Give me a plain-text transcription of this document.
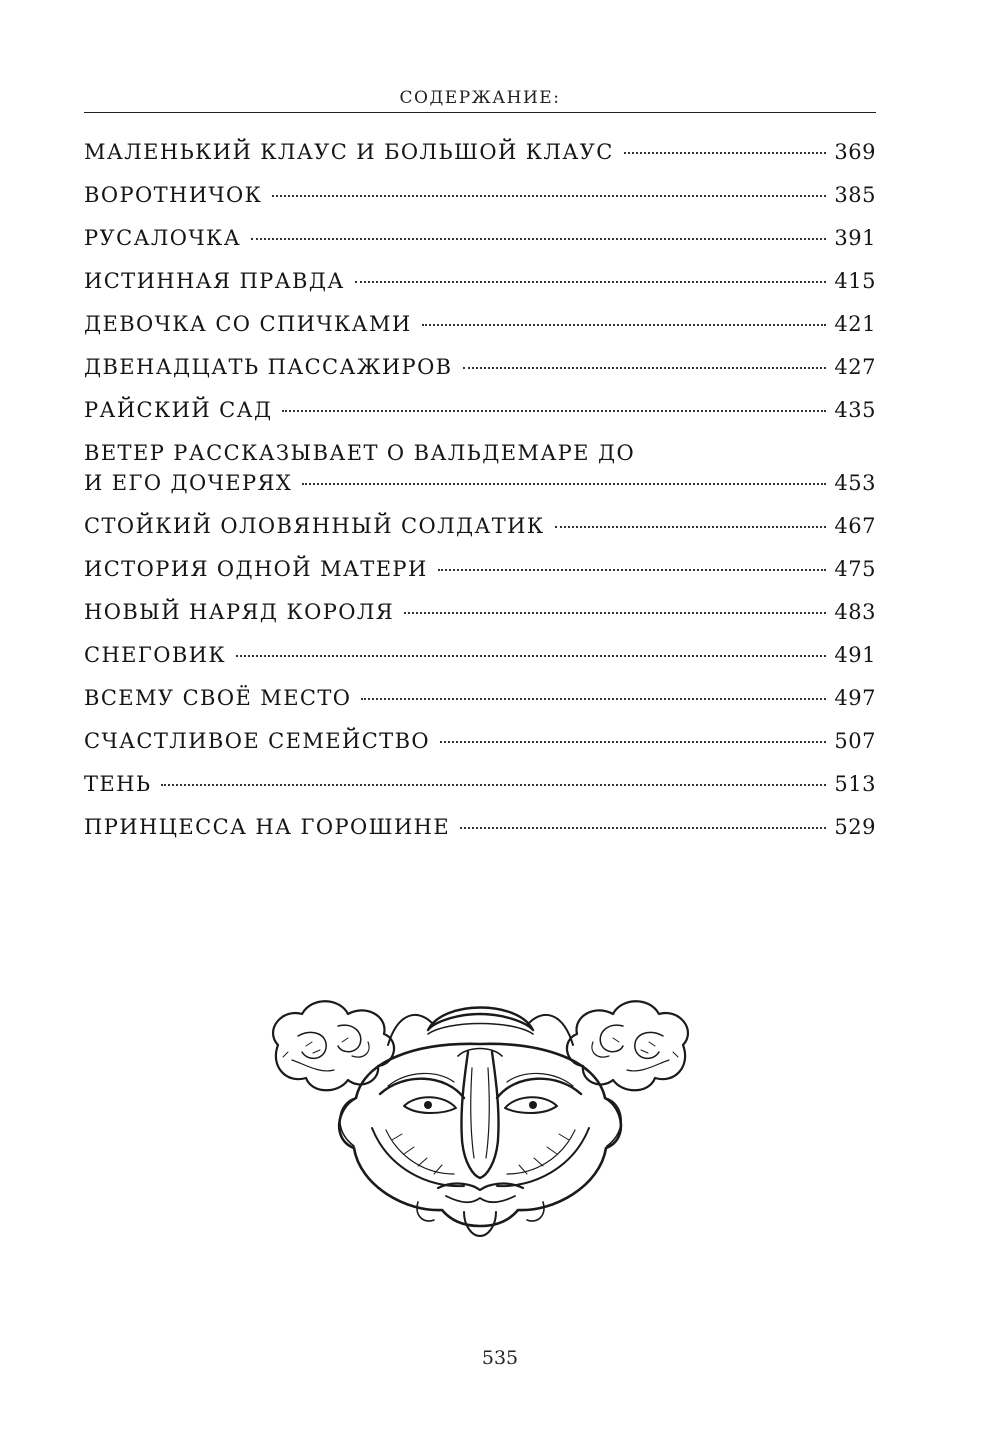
СОДЕРЖАНИЕ:
МАЛЕНЬКИЙ КЛАУС И БОЛЬШОЙ КЛАУС	369
ВОРОТНИЧОК	385
РУСАЛОЧКА	391
ИСТИННАЯ ПРАВДА	415
ДЕВОЧКА СО СПИЧКАМИ	421
ДВЕНАДЦАТЬ ПАССАЖИРОВ	427
РАЙСКИЙ САД	435
ВЕТЕР РАССКАЗЫВАЕТ О ВАЛЬДЕМАРЕ ДО
И ЕГО ДОЧЕРЯХ	453
СТОЙКИЙ ОЛОВЯННЫЙ СОЛДАТИК	467
ИСТОРИЯ ОДНОЙ МАТЕРИ	475
НОВЫЙ НАРЯД КОРОЛЯ	483
СНЕГОВИК	491
ВСЕМУ СВОЁ МЕСТО	497
СЧАСТЛИВОЕ СЕМЕЙСТВО	507
ТЕНЬ	513
ПРИНЦЕССА НА ГОРОШИНЕ	529
535
